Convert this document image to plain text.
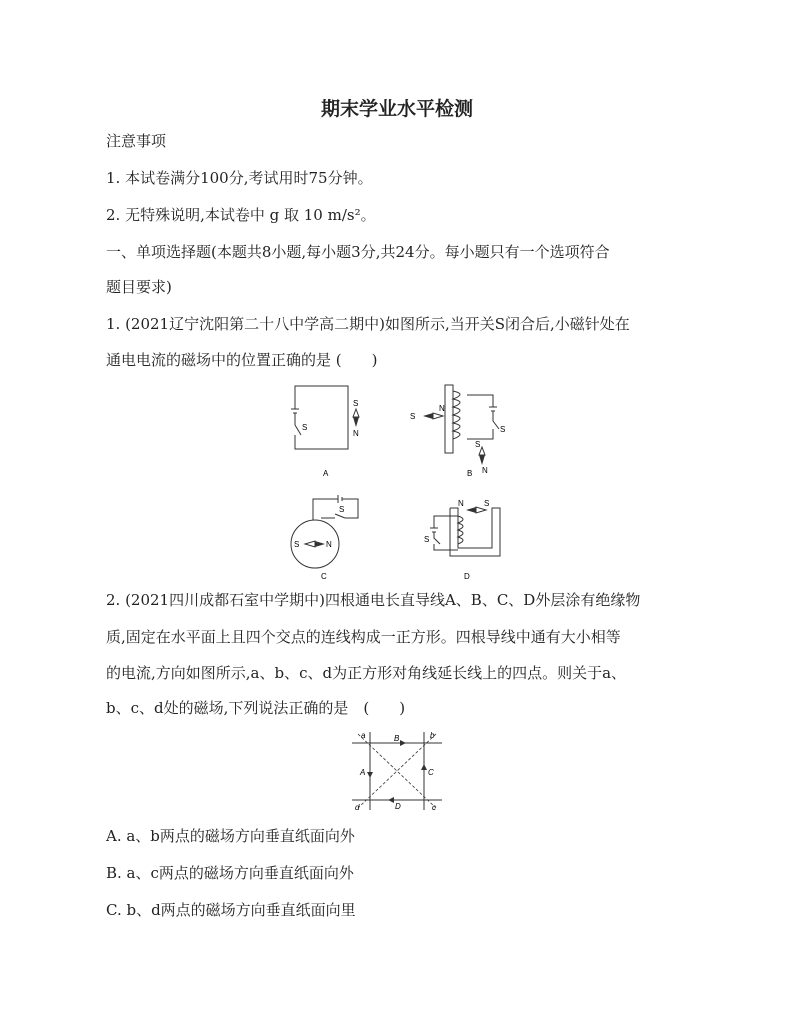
期末学业水平检测
注意事项
1. 本试卷满分100分,考试用时75分钟。
2. 无特殊说明,本试卷中 g 取 10 m/s²。
一、单项选择题(本题共8小题,每小题3分,共24分。每小题只有一个选项符合
题目要求)
1. (2021辽宁沈阳第二十八中学高二期中)如图所示,当开关S闭合后,小磁针处在
通电电流的磁场中的位置正确的是 (　　)
S
S
N
A
S
N
S
S
N
B
S	N
S
C
N	S
S
D
2. (2021四川成都石室中学期中)四根通电长直导线A、B、C、D外层涂有绝缘物
质,固定在水平面上且四个交点的连线构成一正方形。四根导线中通有大小相等
的电流,方向如图所示,a、b、c、d为正方形对角线延长线上的四点。则关于a、
b、c、d处的磁场,下列说法正确的是　(　　)
B
D
A	C
a	b
c
d
A. a、b两点的磁场方向垂直纸面向外
B. a、c两点的磁场方向垂直纸面向外
C. b、d两点的磁场方向垂直纸面向里
